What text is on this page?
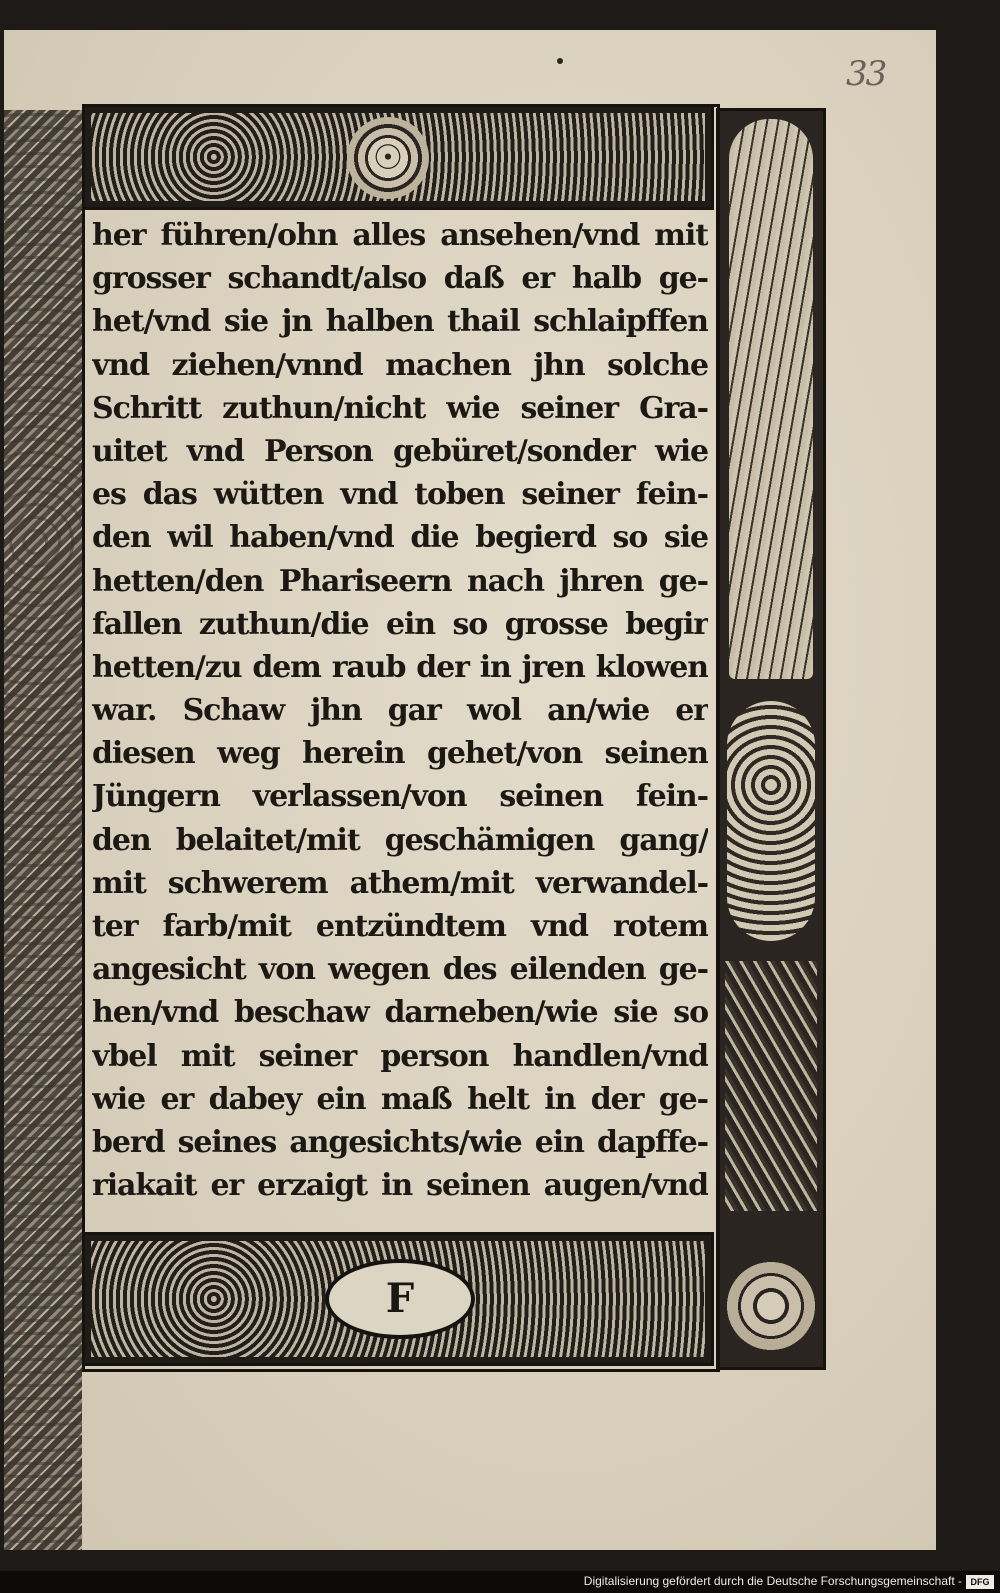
33
☉
F
her führen/ohn alles ansehen/vnd mit
grosser schandt/also daß er halb ge-
het/vnd sie jn halben thail schlaipffen
vnd ziehen/vnnd machen jhn solche
Schritt zuthun/nicht wie seiner Gra-
uitet vnd Person gebüret/sonder wie
es das wütten vnd toben seiner fein-
den wil haben/vnd die begierd so sie
hetten/den Phariseern nach jhren ge-
fallen zuthun/die ein so grosse begir
hetten/zu dem raub der in jren klowen
war. Schaw jhn gar wol an/wie er
diesen weg herein gehet/von seinen
Jüngern verlassen/von seinen fein-
den belaitet/mit geschämigen gang/
mit schwerem athem/mit verwandel-
ter farb/mit entzündtem vnd rotem
angesicht von wegen des eilenden ge-
hen/vnd beschaw darneben/wie sie so
vbel mit seiner person handlen/vnd
wie er dabey ein maß helt in der ge-
berd seines angesichts/wie ein dapffe-
riakait er erzaigt in seinen augen/vnd
Digitalisierung gefördert durch die Deutsche Forschungsgemeinschaft - DFG
